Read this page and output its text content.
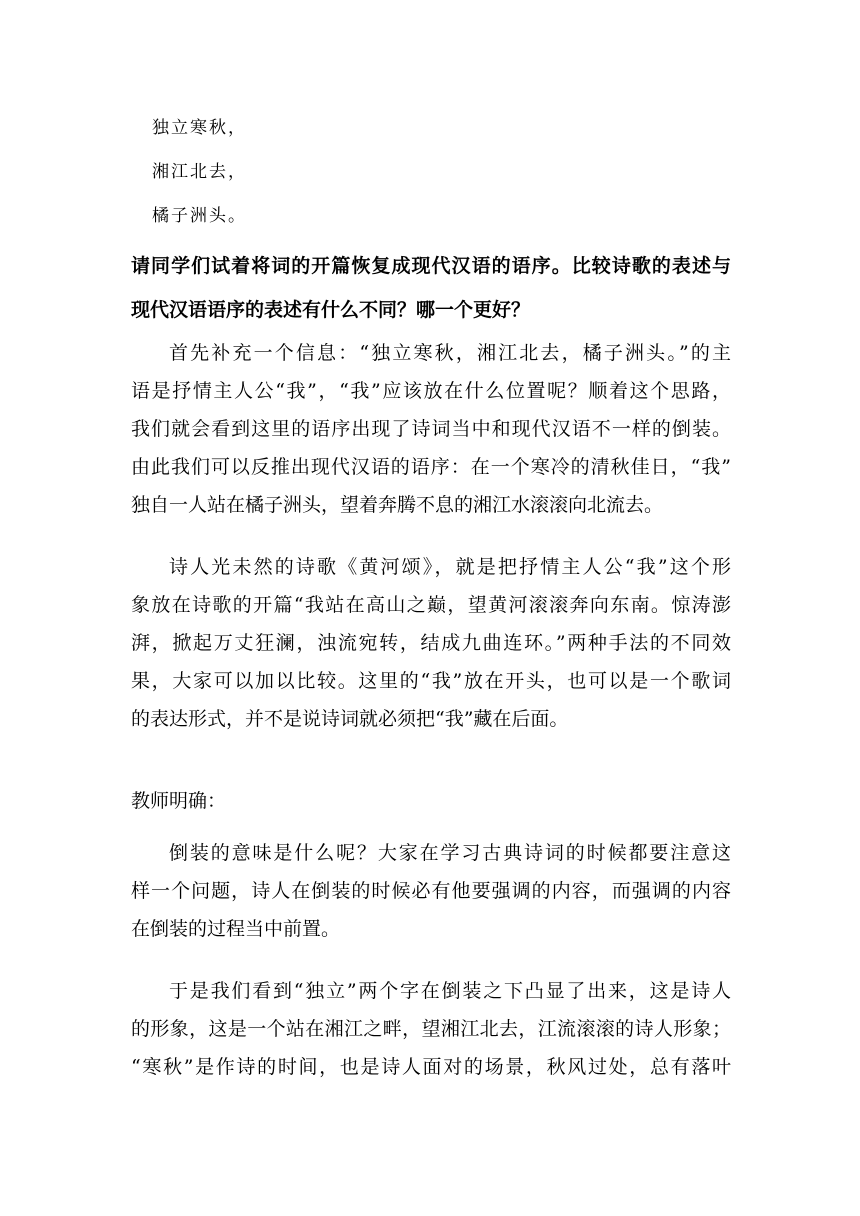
独立寒秋，
湘江北去，
橘子洲头。
请同学们试着将词的开篇恢复成现代汉语的语序。比较诗歌的表述与
现代汉语语序的表述有什么不同？哪一个更好？
首先补充一个信息：“独立寒秋，湘江北去，橘子洲头。”的主
语是抒情主人公“我”，“我”应该放在什么位置呢？顺着这个思路，
我们就会看到这里的语序出现了诗词当中和现代汉语不一样的倒装。
由此我们可以反推出现代汉语的语序：在一个寒冷的清秋佳日，“我”
独自一人站在橘子洲头，望着奔腾不息的湘江水滚滚向北流去。
诗人光未然的诗歌《黄河颂》，就是把抒情主人公“我”这个形
象放在诗歌的开篇“我站在高山之巅，望黄河滚滚奔向东南。惊涛澎
湃，掀起万丈狂澜，浊流宛转，结成九曲连环。”两种手法的不同效
果，大家可以加以比较。这里的“我”放在开头，也可以是一个歌词
的表达形式，并不是说诗词就必须把“我”藏在后面。
教师明确：
倒装的意味是什么呢？大家在学习古典诗词的时候都要注意这
样一个问题，诗人在倒装的时候必有他要强调的内容，而强调的内容
在倒装的过程当中前置。
于是我们看到“独立”两个字在倒装之下凸显了出来，这是诗人
的形象，这是一个站在湘江之畔，望湘江北去，江流滚滚的诗人形象；
“寒秋”是作诗的时间，也是诗人面对的场景，秋风过处，总有落叶
